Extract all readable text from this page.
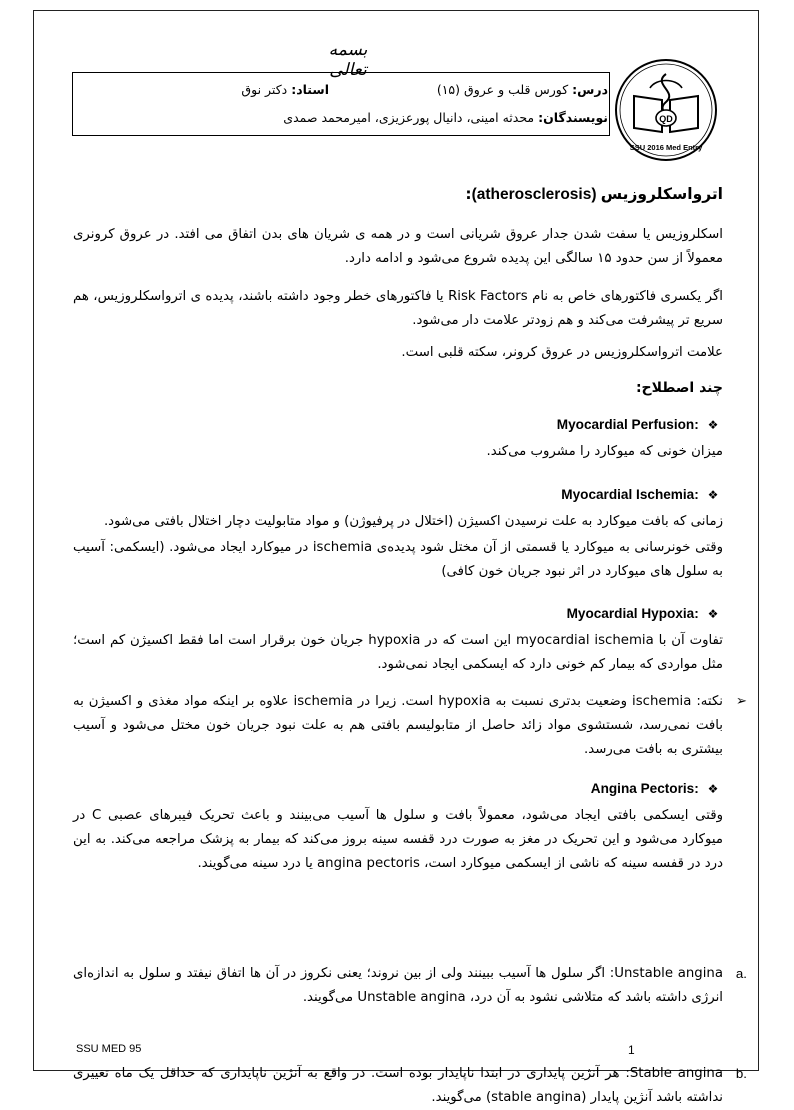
بسمه تعالی
درس: کورس قلب و عروق (۱۵)
استاد: دکتر نوق
نویسندگان: محدثه امینی، دانیال پورعزیزی، امیرمحمد صمدی	QD
SSU 2016 Med Entry
اترواسکلروزیس (atherosclerosis):

اسکلروزیس یا سفت شدن جدار عروق شریانی است و در همه ی شریان های بدن اتفاق می افتد. در عروق کرونری معمولاً از سن حدود ۱۵ سالگی این پدیده شروع می‌شود و ادامه دارد.

اگر یکسری فاکتورهای خاص به نام Risk Factors یا فاکتورهای خطر وجود داشته باشند، پدیده ی اترواسکلروزیس، هم سریع تر پیشرفت می‌کند و هم زودتر علامت دار می‌شود.

علامت اترواسکلروزیس در عروق کرونر، سکته قلبی است.

چند اصطلاح:
❖ Myocardial Perfusion:

میزان خونی که میوکارد را مشروب می‌کند.

❖ Myocardial Ischemia:

زمانی که بافت میوکارد به علت نرسیدن اکسیژن (اختلال در پرفیوژن) و مواد متابولیت دچار اختلال بافتی می‌شود.

وقتی خونرسانی به میوکارد یا قسمتی از آن مختل شود پدیده‌ی ischemia در میوکارد ایجاد می‌شود. (ایسکمی: آسیب به سلول های میوکارد در اثر نبود جریان خون کافی)

❖ Myocardial Hypoxia:

تفاوت آن با myocardial ischemia این است که در hypoxia جریان خون برقرار است اما فقط اکسیژن کم است؛ مثل مواردی که بیمار کم خونی دارد که ایسکمی ایجاد نمی‌شود.

➢

نکته: ischemia وضعیت بدتری نسبت به hypoxia است. زیرا در ischemia علاوه بر اینکه مواد مغذی و اکسیژن به بافت نمی‌رسد، شستشوی مواد زائد حاصل از متابولیسم بافتی هم به علت نبود جریان خون مختل می‌شود و آسیب بیشتری به بافت می‌رسد.

❖ Angina Pectoris:

وقتی ایسکمی بافتی ایجاد می‌شود، معمولاً بافت و سلول ها آسیب می‌بینند و باعث تحریک فیبرهای عصبی C در میوکارد می‌شود و این تحریک در مغز به صورت درد قفسه سینه بروز می‌کند که بیمار به پزشک مراجعه می‌کند. به این درد در قفسه سینه که ناشی از ایسکمی میوکارد است، angina pectoris یا درد سینه می‌گویند.

a.

Unstable angina: اگر سلول ها آسیب ببینند ولی از بین نروند؛ یعنی نکروز در آن ها اتفاق نیفتد و سلول به اندازه‌ای انرژی داشته باشد که متلاشی نشود به آن درد، Unstable angina می‌گویند.

b.

Stable angina: هر آنژین پایداری در ابتدا ناپایدار بوده است. در واقع به آنژین ناپایداری که حداقل یک ماه تغییری نداشته باشد آنژین پایدار (stable angina) می‌گویند.

SSU MED 95	1
